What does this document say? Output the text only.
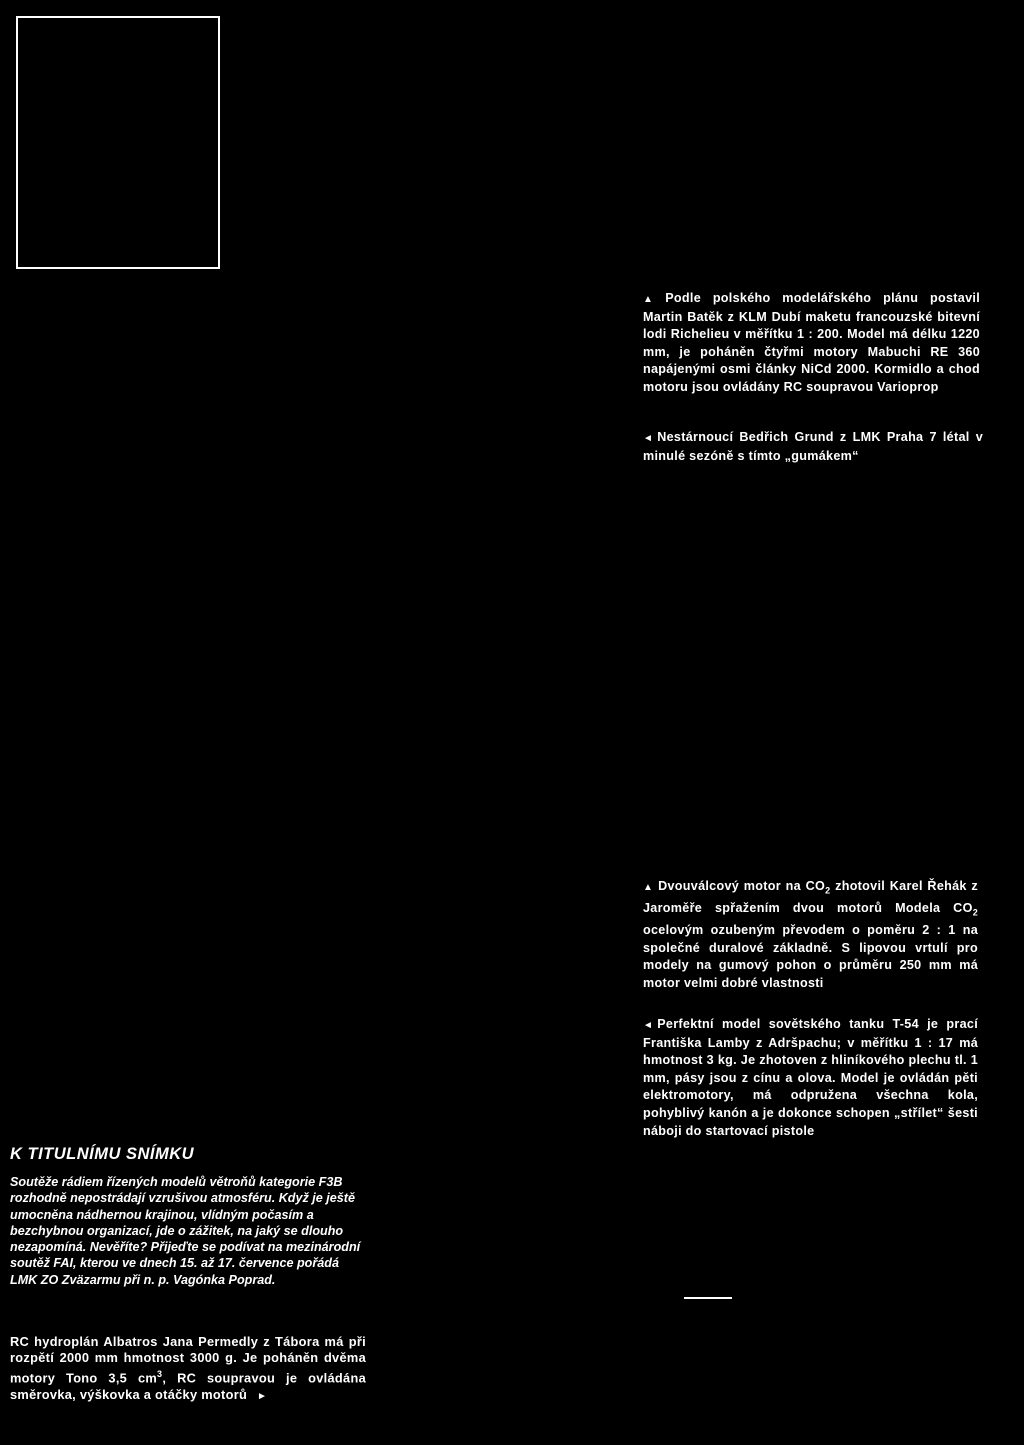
▲ Podle polského modelářského plánu postavil Martin Batěk z KLM Dubí maketu francouzské bitevní lodi Richelieu v měřítku 1 : 200. Model má délku 1220 mm, je poháněn čtyřmi motory Mabuchi RE 360 napájenými osmi články NiCd 2000. Kormidlo a chod motoru jsou ovládány RC soupravou Varioprop

◄ Nestárnoucí Bedřich Grund z LMK Praha 7 létal v minulé sezóně s tímto „gumákem“

▲ Dvouválcový motor na $CO_2$ zhotovil Karel Řehák z Jaroměře spřažením dvou motorů Modela $CO_2$ ocelovým ozubeným převodem o poměru 2 : 1 na společné duralové základně. S lipovou vrtulí pro modely na gumový pohon o průměru 250 mm má motor velmi dobré vlastnosti

◄ Perfektní model sovětského tanku T-54 je prací Františka Lamby z Adršpachu; v měřítku 1 : 17 má hmotnost 3 kg. Je zhotoven z hliníkového plechu tl. 1 mm, pásy jsou z cínu a olova. Model je ovládán pěti elektromotory, má odpružena všechna kola, pohyblivý kanón a je dokonce schopen „střílet“ šesti náboji do startovací pistole

K TITULNÍMU SNÍMKU

Soutěže rádiem řízených modelů větroňů kategorie F3B rozhodně nepostrádají vzrušivou atmosféru. Když je ještě umocněna nádhernou krajinou, vlídným počasím a bezchybnou organizací, jde o zážitek, na jaký se dlouho nezapomíná. Nevěříte? Přijeďte se podívat na mezinárodní soutěž FAI, kterou ve dnech 15. až 17. července pořádá LMK ZO Zväzarmu při n. p. Vagónka Poprad.

RC hydroplán Albatros Jana Permedly z Tábora má při rozpětí 2000 mm hmotnost 3000 g. Je poháněn dvěma motory Tono 3,5 $cm^3$, RC soupravou je ovládána směrovka, výškovka a otáčky motorů ►
